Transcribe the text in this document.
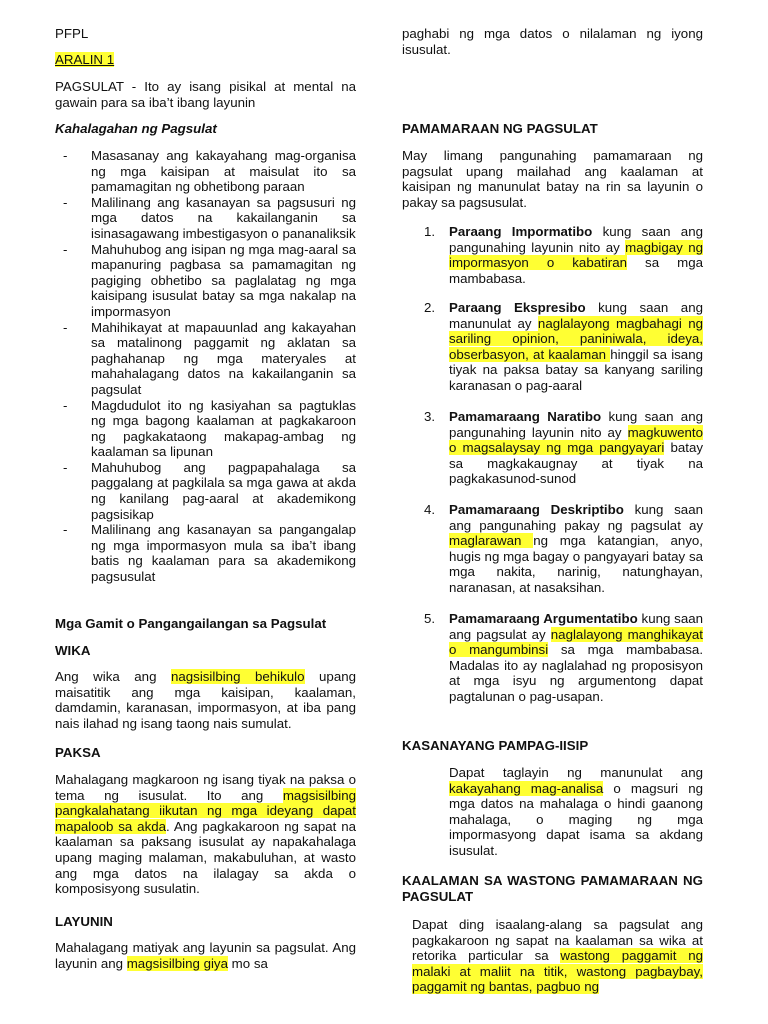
PFPL

ARALIN 1

PAGSULAT - Ito ay isang pisikal at mental na gawain para sa iba’t ibang layunin

Kahalagahan ng Pagsulat

- Masasanay ang kakayahang mag-organisa ng mga kaisipan at maisulat ito sa pamamagitan ng obhetibong paraan
- Malilinang ang kasanayan sa pagsusuri ng mga datos na kakailanganin sa isinasagawang imbestigasyon o pananaliksik
- Mahuhubog ang isipan ng mga mag-aaral sa mapanuring pagbasa sa pamamagitan ng pagiging obhetibo sa paglalatag ng mga kaisipang isusulat batay sa mga nakalap na impormasyon
- Mahihikayat at mapauunlad ang kakayahan sa matalinong paggamit ng aklatan sa paghahanap ng mga materyales at mahahalagang datos na kakailanganin sa pagsulat
- Magdudulot ito ng kasiyahan sa pagtuklas ng mga bagong kaalaman at pagkakaroon ng pagkakataong makapag-ambag ng kaalaman sa lipunan
- Mahuhubog ang pagpapahalaga sa paggalang at pagkilala sa mga gawa at akda ng kanilang pag-aaral at akademikong pagsisikap
- Malilinang ang kasanayan sa pangangalap ng mga impormasyon mula sa iba’t ibang batis ng kaalaman para sa akademikong pagsusulat

Mga Gamit o Pangangailangan sa Pagsulat

WIKA

Ang wika ang nagsisilbing behikulo upang maisatitik ang mga kaisipan, kaalaman, damdamin, karanasan, impormasyon, at iba pang nais ilahad ng isang taong nais sumulat.

PAKSA

Mahalagang magkaroon ng isang tiyak na paksa o tema ng isusulat. Ito ang magsisilbing pangkalahatang iikutan ng mga ideyang dapat mapaloob sa akda. Ang pagkakaroon ng sapat na kaalaman sa paksang isusulat ay napakahalaga upang maging malaman, makabuluhan, at wasto ang mga datos na ilalagay sa akda o komposisyong susulatin.

LAYUNIN

Mahalagang matiyak ang layunin sa pagsulat. Ang layunin ang magsisilbing giya mo sa

paghabi ng mga datos o nilalaman ng iyong isusulat.

PAMAMARAAN NG PAGSULAT

May limang pangunahing pamamaraan ng pagsulat upang mailahad ang kaalaman at kaisipan ng manunulat batay na rin sa layunin o pakay sa pagsusulat.

1. Paraang Impormatibo kung saan ang pangunahing layunin nito ay magbigay ng impormasyon o kabatiran sa mga mambabasa.
2. Paraang Ekspresibo kung saan ang manunulat ay naglalayong magbahagi ng sariling opinion, paniniwala, ideya, obserbasyon, at kaalaman hinggil sa isang tiyak na paksa batay sa kanyang sariling karanasan o pag-aaral
3. Pamamaraang Naratibo kung saan ang pangunahing layunin nito ay magkuwento o magsalaysay ng mga pangyayari batay sa magkakaugnay at tiyak na pagkakasunod-sunod
4. Pamamaraang Deskriptibo kung saan ang pangunahing pakay ng pagsulat ay maglarawan ng mga katangian, anyo, hugis ng mga bagay o pangyayari batay sa mga nakita, narinig, natunghayan, naranasan, at nasaksihan.
5. Pamamaraang Argumentatibo kung saan ang pagsulat ay naglalayong manghikayat o mangumbinsi sa mga mambabasa. Madalas ito ay naglalahad ng proposisyon at mga isyu ng argumentong dapat pagtalunan o pag-usapan.

KASANAYANG PAMPAG-IISIP

Dapat taglayin ng manunulat ang kakayahang mag-analisa o magsuri ng mga datos na mahalaga o hindi gaanong mahalaga, o maging ng mga impormasyong dapat isama sa akdang isusulat.

KAALAMAN SA WASTONG PAMAMARAAN NG PAGSULAT

Dapat ding isaalang-alang sa pagsulat ang pagkakaroon ng sapat na kaalaman sa wika at retorika particular sa wastong paggamit ng malaki at maliit na titik, wastong pagbaybay, paggamit ng bantas, pagbuo ng
